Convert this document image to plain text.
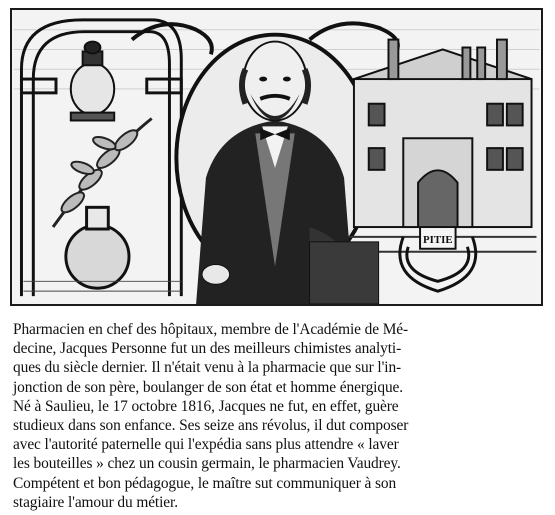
PITIE

Pharmacien en chef des hôpitaux, membre de l'Académie de Mé-
decine, Jacques Personne fut un des meilleurs chimistes analyti-
ques du siècle dernier. Il n'était venu à la pharmacie que sur l'in-
jonction de son père, boulanger de son état et homme énergique.
Né à Saulieu, le 17 octobre 1816, Jacques ne fut, en effet, guère
studieux dans son enfance. Ses seize ans révolus, il dut composer
avec l'autorité paternelle qui l'expédia sans plus attendre « laver
les bouteilles » chez un cousin germain, le pharmacien Vaudrey.
Compétent et bon pédagogue, le maître sut communiquer à son
stagiaire l'amour du métier.
